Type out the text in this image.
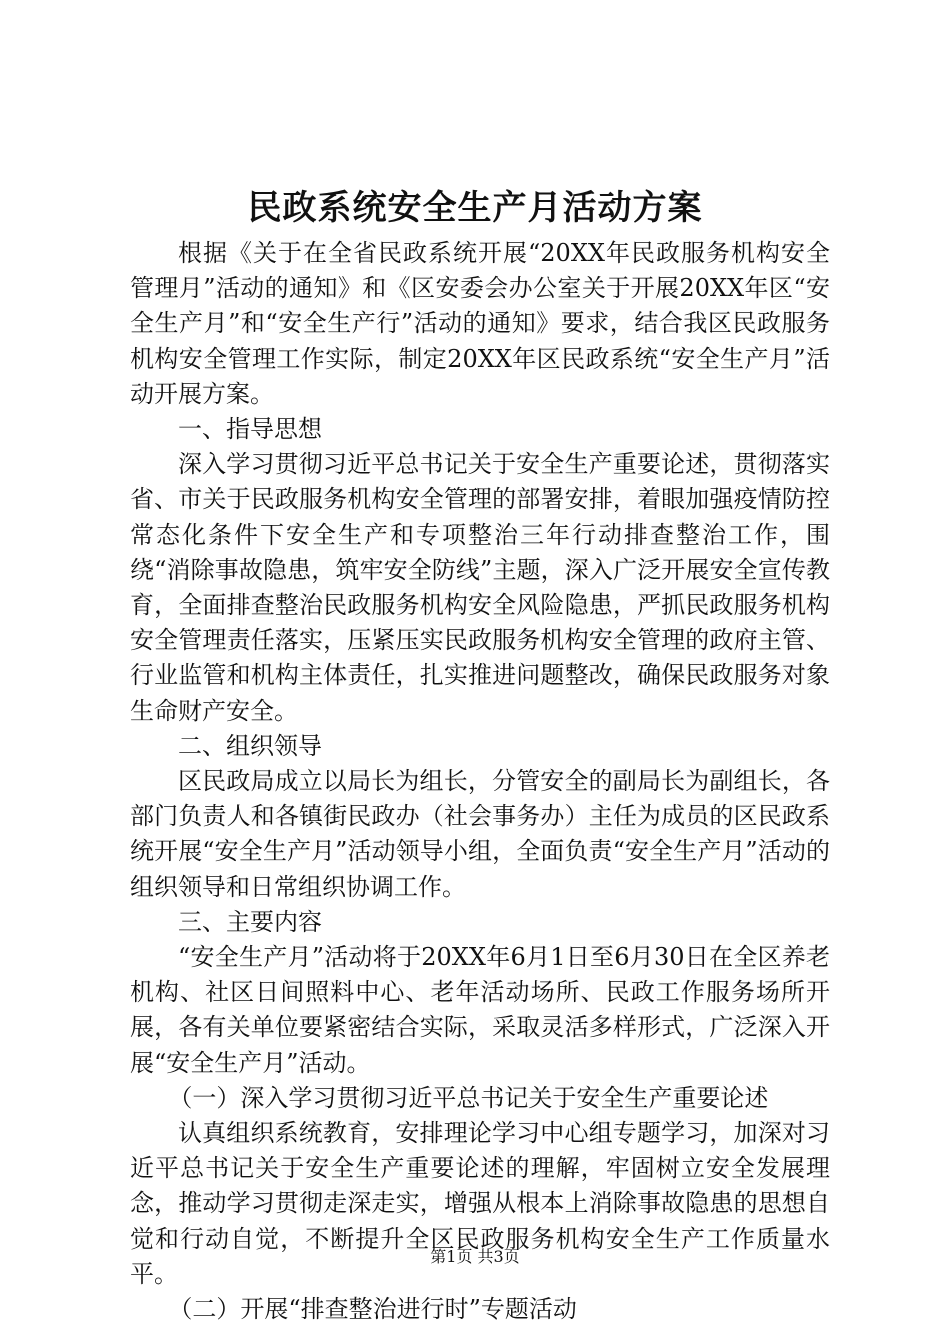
民政系统安全生产月活动方案

根据《关于在全省民政系统开展“20XX年民政服务机构安全管理月”活动的通知》和《区安委会办公室关于开展20XX年区“安全生产月”和“安全生产行”活动的通知》要求，结合我区民政服务机构安全管理工作实际，制定20XX年区民政系统“安全生产月”活动开展方案。

一、指导思想

深入学习贯彻习近平总书记关于安全生产重要论述，贯彻落实省、市关于民政服务机构安全管理的部署安排，着眼加强疫情防控常态化条件下安全生产和专项整治三年行动排查整治工作，围绕“消除事故隐患，筑牢安全防线”主题，深入广泛开展安全宣传教育，全面排查整治民政服务机构安全风险隐患，严抓民政服务机构安全管理责任落实，压紧压实民政服务机构安全管理的政府主管、行业监管和机构主体责任，扎实推进问题整改，确保民政服务对象生命财产安全。

二、组织领导

区民政局成立以局长为组长，分管安全的副局长为副组长，各部门负责人和各镇街民政办（社会事务办）主任为成员的区民政系统开展“安全生产月”活动领导小组，全面负责“安全生产月”活动的组织领导和日常组织协调工作。

三、主要内容

“安全生产月”活动将于20XX年6月1日至6月30日在全区养老机构、社区日间照料中心、老年活动场所、民政工作服务场所开展，各有关单位要紧密结合实际，采取灵活多样形式，广泛深入开展“安全生产月”活动。

（一）深入学习贯彻习近平总书记关于安全生产重要论述

认真组织系统教育，安排理论学习中心组专题学习，加深对习近平总书记关于安全生产重要论述的理解，牢固树立安全发展理念，推动学习贯彻走深走实，增强从根本上消除事故隐患的思想自觉和行动自觉，不断提升全区民政服务机构安全生产工作质量水平。

（二）开展“排查整治进行时”专题活动

第1页 共3页
